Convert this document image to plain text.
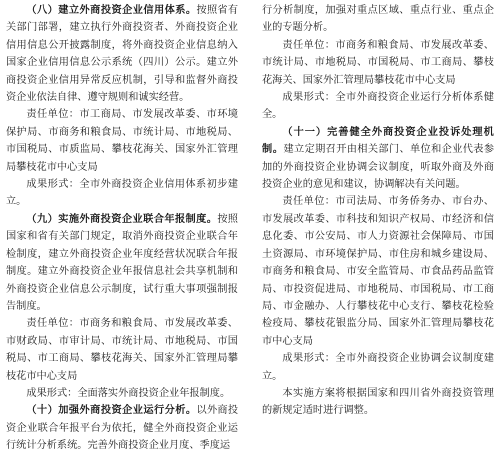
（八）建立外商投资企业信用体系。按照省有关部门部署，建立执行外商投资者、外商投资企业信用信息公开披露制度，将外商投资企业信息纳入国家企业信用信息公示系统（四川）公示。建立外商投资企业信用异常反应机制，引导和监督外商投资企业依法自律、遵守规则和诚实经营。

责任单位：市工商局、市发展改革委、市环境保护局、市商务和粮食局、市统计局、市地税局、市国税局、市质监局、攀枝花海关、国家外汇管理局攀枝花市中心支局

成果形式：全市外商投资企业信用体系初步建立。

（九）实施外商投资企业联合年报制度。按照国家和省有关部门规定，取消外商投资企业联合年检制度，建立外商投资企业年度经营状况联合年报制度。建立外商投资企业年报信息社会共享机制和外商投资企业信息公示制度，试行重大事项强制报告制度。

责任单位：市商务和粮食局、市发展改革委、市财政局、市审计局、市统计局、市地税局、市国税局、市工商局、攀枝花海关、国家外汇管理局攀枝花市中心支局

成果形式：全面落实外商投资企业年报制度。

（十）加强外商投资企业运行分析。以外商投资企业联合年报平台为依托，健全外商投资企业运行统计分析系统。完善外商投资企业月度、季度运

行分析制度，加强对重点区域、重点行业、重点企业的专题分析。

责任单位：市商务和粮食局、市发展改革委、市统计局、市地税局、市国税局、市工商局、攀枝花海关、国家外汇管理局攀枝花市中心支局

成果形式：全市外商投资企业运行分析体系健全。

（十一）完善健全外商投资企业投诉处理机制。建立定期召开由相关部门、单位和企业代表参加的外商投资企业协调会议制度，听取外商及外商投资企业的意见和建议，协调解决有关问题。

责任单位：市司法局、市务侨务办、市台办、市发展改革委、市科技和知识产权局、市经济和信息化委、市公安局、市人力资源社会保障局、市国土资源局、市环境保护局、市住房和城乡建设局、市商务和粮食局、市安全监管局、市食品药品监管局、市投资促进局、市地税局、市国税局、市工商局、市金融办、人行攀枝花中心支行、攀枝花检验检疫局、攀枝花银监分局、国家外汇管理局攀枝花市中心支局

成果形式：全市外商投资企业协调会议制度建立。

本实施方案将根据国家和四川省外商投资管理的新规定适时进行调整。
